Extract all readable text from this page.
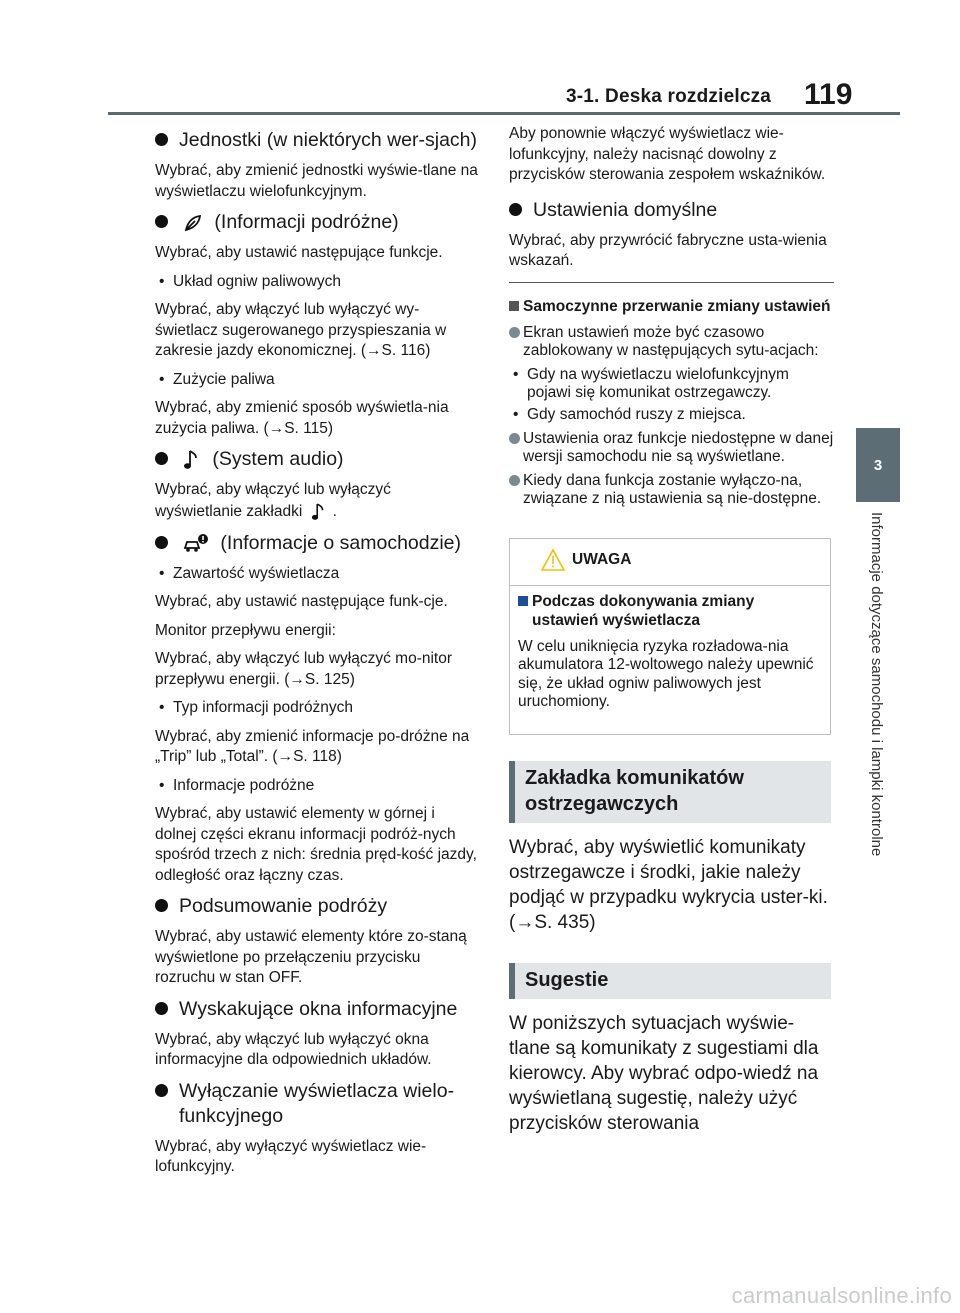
3-1. Deska rozdzielcza 119
3
Informacje dotyczące samochodu i lampki kontrolne
Jednostki (w niektórych wer-sjach)
Wybrać, aby zmienić jednostki wyświe-tlane na wyświetlaczu wielofunkcyjnym.
(Informacji podróżne)
Wybrać, aby ustawić następujące funkcje.
• Układ ogniw paliwowych
Wybrać, aby włączyć lub wyłączyć wy-świetlacz sugerowanego przyspieszania w zakresie jazdy ekonomicznej. (→S. 116)
• Zużycie paliwa
Wybrać, aby zmienić sposób wyświetla-nia zużycia paliwa. (→S. 115)
(System audio)
Wybrać, aby włączyć lub wyłączyć
wyświetlanie zakładki .
(Informacje o samochodzie)
• Zawartość wyświetlacza
Wybrać, aby ustawić następujące funk-cje.
Monitor przepływu energii:
Wybrać, aby włączyć lub wyłączyć mo-nitor przepływu energii. (→S. 125)
• Typ informacji podróżnych
Wybrać, aby zmienić informacje po-dróżne na „Trip” lub „Total”. (→S. 118)
• Informacje podróżne
Wybrać, aby ustawić elementy w górnej i dolnej części ekranu informacji podróż-nych spośród trzech z nich: średnia pręd-kość jazdy, odległość oraz łączny czas.
Podsumowanie podróży
Wybrać, aby ustawić elementy które zo-staną wyświetlone po przełączeniu przycisku rozruchu w stan OFF.
Wyskakujące okna informacyjne
Wybrać, aby włączyć lub wyłączyć okna informacyjne dla odpowiednich układów.
Wyłączanie wyświetlacza wielo-funkcyjnego
Wybrać, aby wyłączyć wyświetlacz wie-lofunkcyjny.
Aby ponownie włączyć wyświetlacz wie-lofunkcyjny, należy nacisnąć dowolny z przycisków sterowania zespołem wskaźników.
Ustawienia domyślne
Wybrać, aby przywrócić fabryczne usta-wienia wskazań.
Samoczynne przerwanie zmiany ustawień
Ekran ustawień może być czasowo zablokowany w następujących sytu-acjach:
• Gdy na wyświetlaczu wielofunkcyjnym pojawi się komunikat ostrzegawczy.
• Gdy samochód ruszy z miejsca.
Ustawienia oraz funkcje niedostępne w danej wersji samochodu nie są wyświetlane.
Kiedy dana funkcja zostanie wyłączo-na, związane z nią ustawienia są nie-dostępne.
UWAGA
Podczas dokonywania zmiany ustawień wyświetlacza
W celu uniknięcia ryzyka rozładowa-nia akumulatora 12-woltowego należy upewnić się, że układ ogniw paliwowych jest uruchomiony.
Zakładka komunikatów ostrzegawczych
Wybrać, aby wyświetlić komunikaty ostrzegawcze i środki, jakie należy podjąć w przypadku wykrycia uster-ki. (→S. 435)
Sugestie
W poniższych sytuacjach wyświe-tlane są komunikaty z sugestiami dla kierowcy. Aby wybrać odpo-wiedź na wyświetlaną sugestię, należy użyć przycisków sterowania
carmanualsonline.info
